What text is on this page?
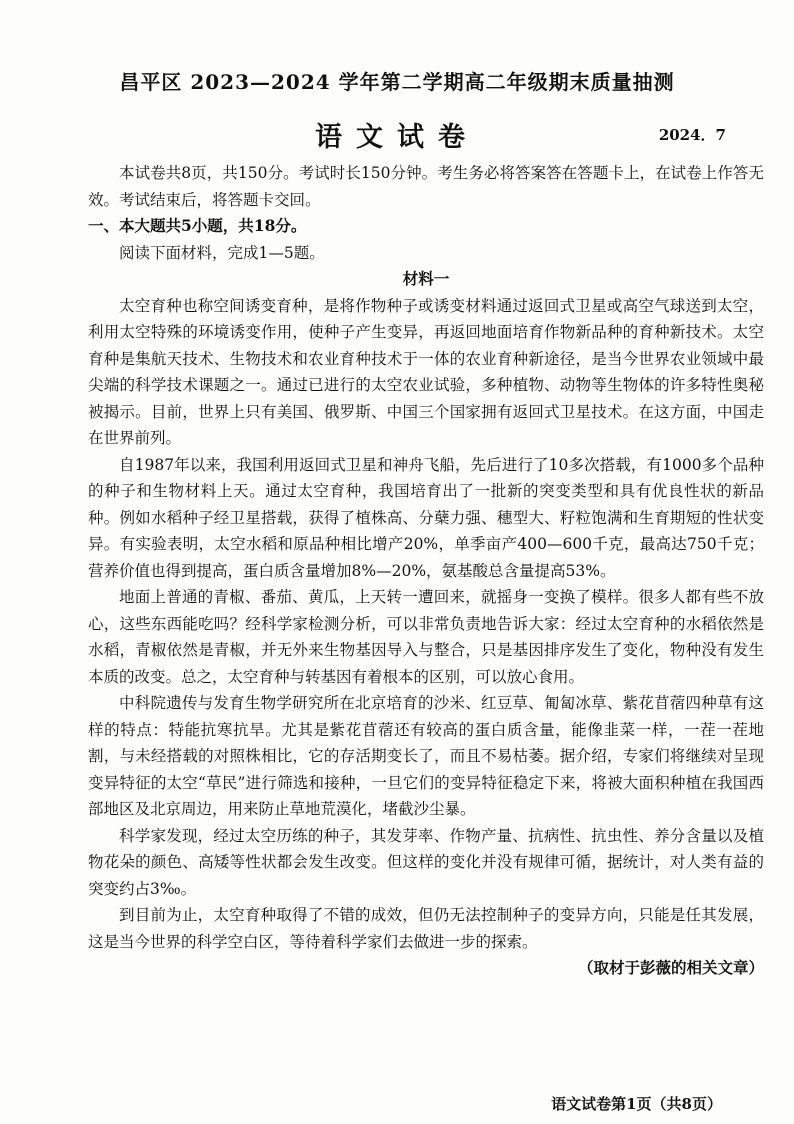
昌平区 2023—2024 学年第二学期高二年级期末质量抽测
语文试卷	2024．7

本试卷共8页，共150分。考试时长150分钟。考生务必将答案答在答题卡上，在试卷上作答无效。考试结束后，将答题卡交回。

一、本大题共5小题，共18分。

阅读下面材料，完成1—5题。

材料一

太空育种也称空间诱变育种，是将作物种子或诱变材料通过返回式卫星或高空气球送到太空，利用太空特殊的环境诱变作用，使种子产生变异，再返回地面培育作物新品种的育种新技术。太空育种是集航天技术、生物技术和农业育种技术于一体的农业育种新途径，是当今世界农业领域中最尖端的科学技术课题之一。通过已进行的太空农业试验，多种植物、动物等生物体的许多特性奥秘被揭示。目前，世界上只有美国、俄罗斯、中国三个国家拥有返回式卫星技术。在这方面，中国走在世界前列。

自1987年以来，我国利用返回式卫星和神舟飞船，先后进行了10多次搭载，有1000多个品种的种子和生物材料上天。通过太空育种，我国培育出了一批新的突变类型和具有优良性状的新品种。例如水稻种子经卫星搭载，获得了植株高、分蘖力强、穗型大、籽粒饱满和生育期短的性状变异。有实验表明，太空水稻和原品种相比增产20%，单季亩产400—600千克，最高达750千克；营养价值也得到提高，蛋白质含量增加8%—20%，氨基酸总含量提高53%。

地面上普通的青椒、番茄、黄瓜，上天转一遭回来，就摇身一变换了模样。很多人都有些不放心，这些东西能吃吗？经科学家检测分析，可以非常负责地告诉大家：经过太空育种的水稻依然是水稻，青椒依然是青椒，并无外来生物基因导入与整合，只是基因排序发生了变化，物种没有发生本质的改变。总之，太空育种与转基因有着根本的区别，可以放心食用。

中科院遗传与发育生物学研究所在北京培育的沙米、红豆草、匍匐冰草、紫花苜蓿四种草有这样的特点：特能抗寒抗旱。尤其是紫花苜蓿还有较高的蛋白质含量，能像韭菜一样，一茬一茬地割，与未经搭载的对照株相比，它的存活期变长了，而且不易枯萎。据介绍，专家们将继续对呈现变异特征的太空“草民”进行筛选和接种，一旦它们的变异特征稳定下来，将被大面积种植在我国西部地区及北京周边，用来防止草地荒漠化，堵截沙尘暴。

科学家发现，经过太空历练的种子，其发芽率、作物产量、抗病性、抗虫性、养分含量以及植物花朵的颜色、高矮等性状都会发生改变。但这样的变化并没有规律可循，据统计，对人类有益的突变约占3‰。

到目前为止，太空育种取得了不错的成效，但仍无法控制种子的变异方向，只能是任其发展，这是当今世界的科学空白区，等待着科学家们去做进一步的探索。

（取材于彭薇的相关文章）

语文试卷第1页（共8页）
